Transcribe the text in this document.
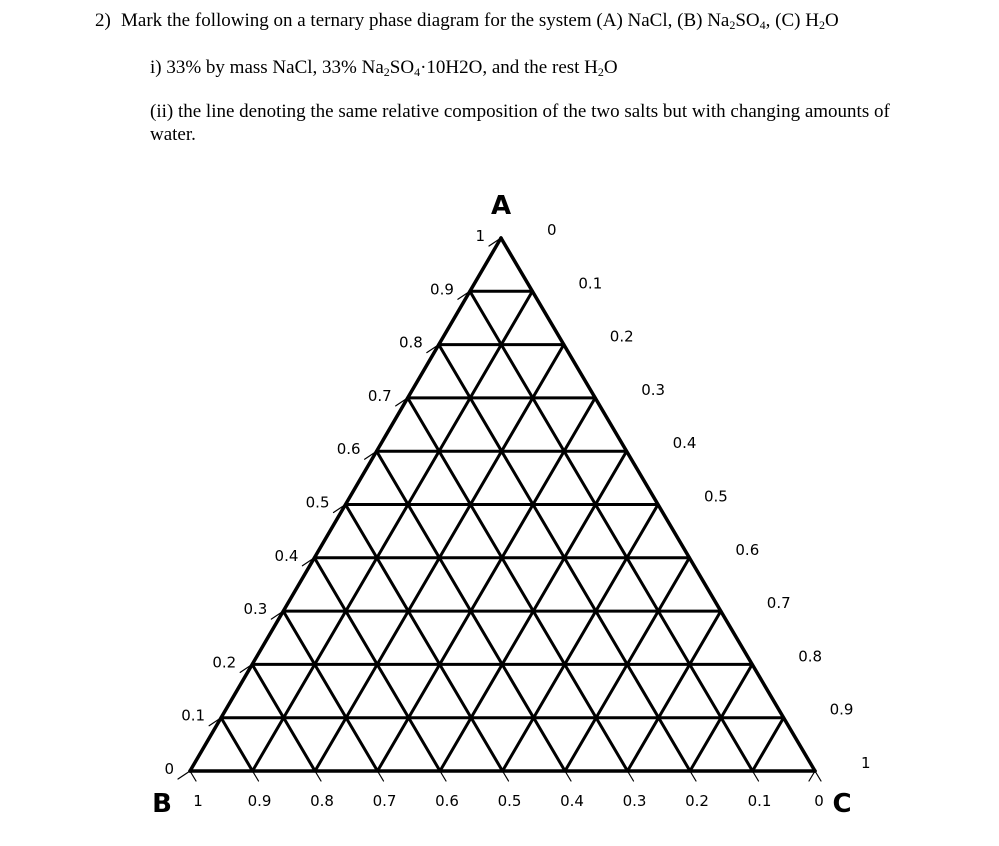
2) Mark the following on a ternary phase diagram for the system (A) NaCl, (B) $Na_2SO_4$, (C) $H_2O$
i) 33% by mass NaCl, 33% $Na_2SO_4\cdot 10H2O$, and the rest $H_2O$
(ii) the line denoting the same relative composition of the two salts but with changing amounts of water.
1
0.9
0.8
0.7
0.6
0.5
0.4
0.3
0.2
0.1
0
0
0.1
0.2
0.3
0.4
0.5
0.6
0.7
0.8
0.9
1
1	0.9	0.8	0.7	0.6	0.5	0.4	0.3	0.2	0.1	0
A
B	C
